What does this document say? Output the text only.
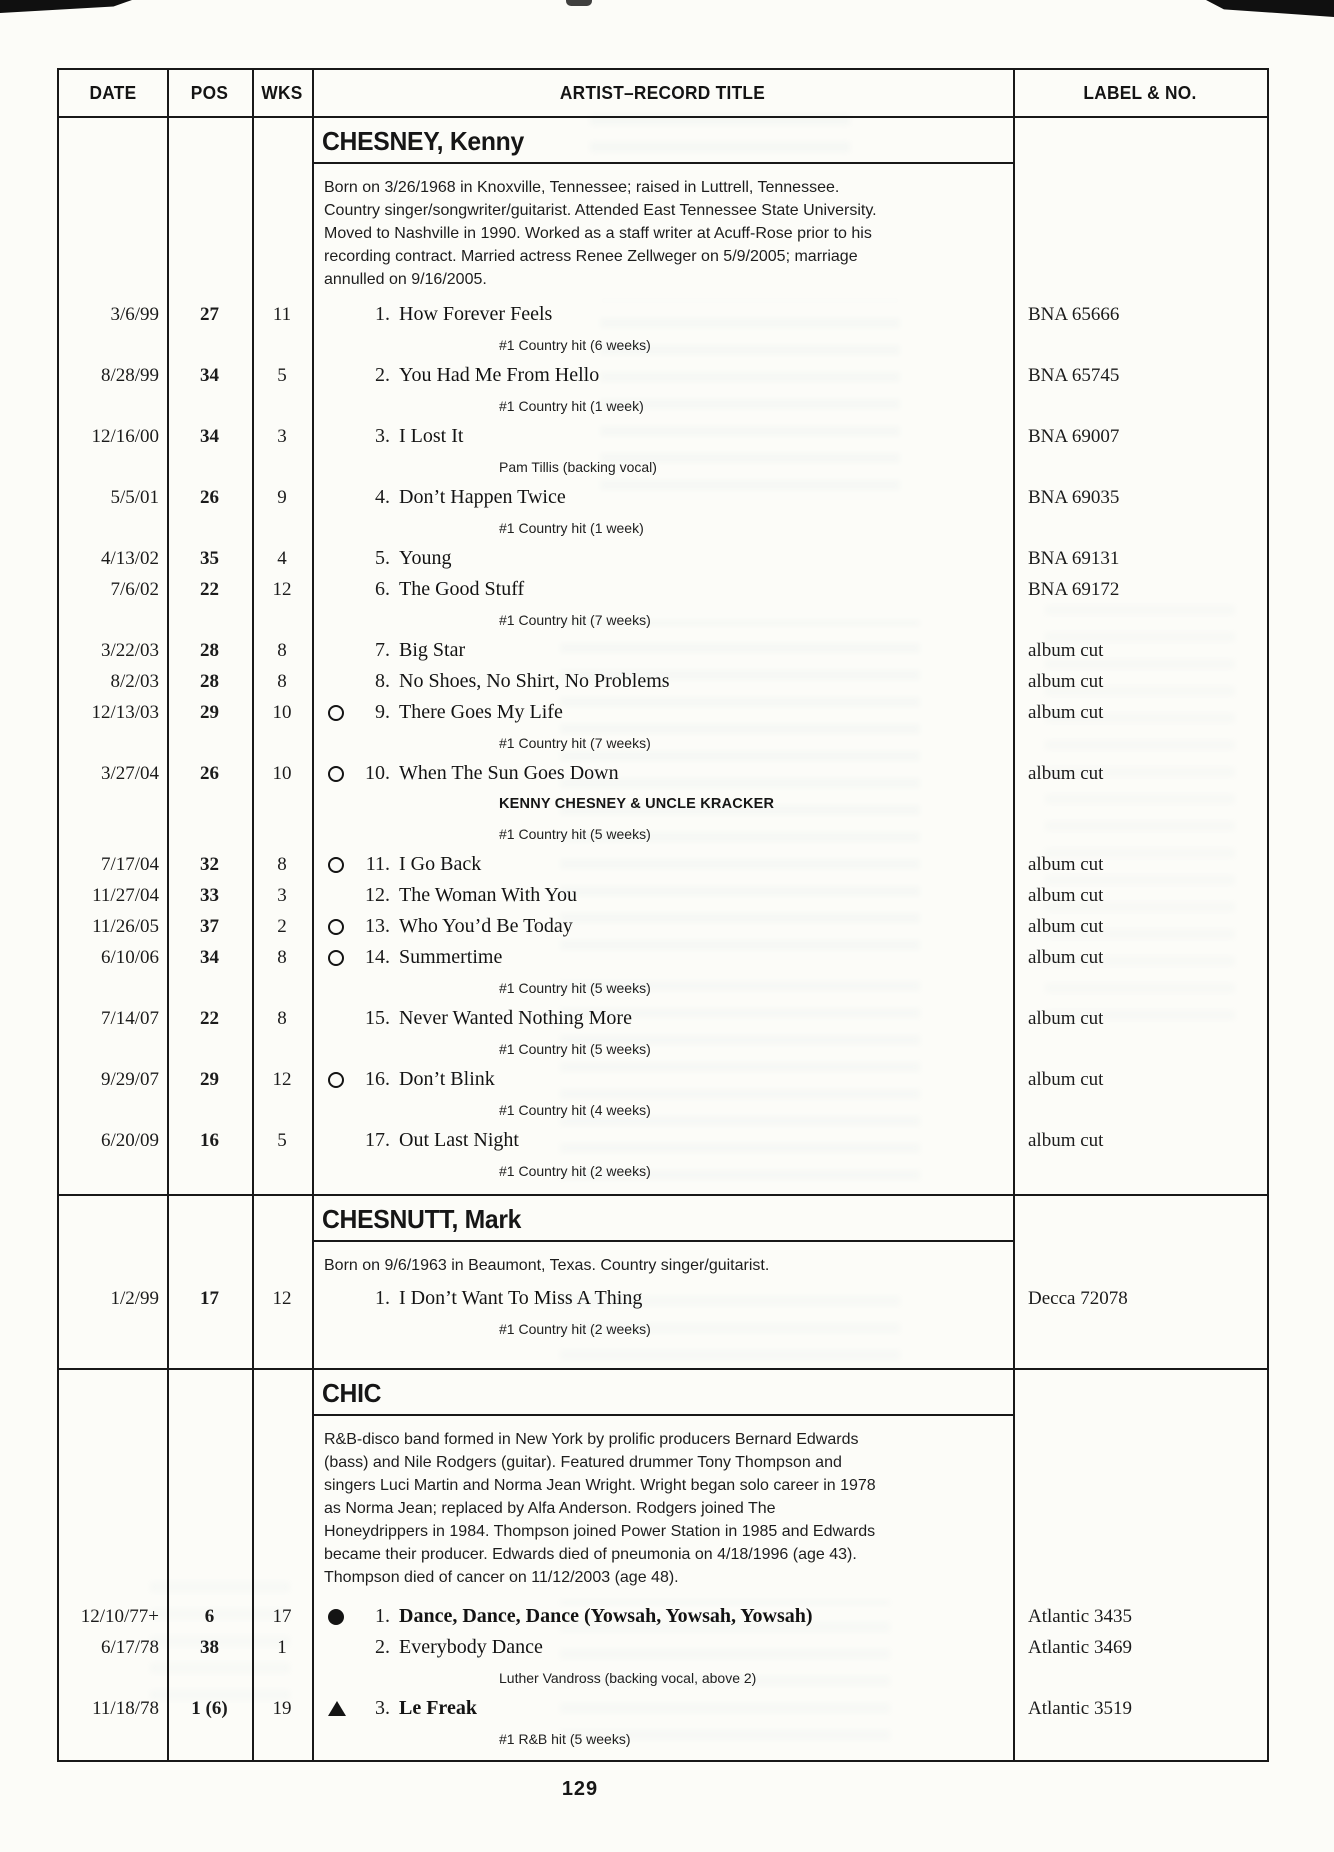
DATE	POS	WKS	ARTIST–RECORD TITLE	LABEL & NO.
CHESNEY, Kenny
Born on 3/26/1968 in Knoxville, Tennessee; raised in Luttrell, Tennessee. Country singer/songwriter/guitarist. Attended East Tennessee State University. Moved to Nashville in 1990. Worked as a staff writer at Acuff-Rose prior to his recording contract. Married actress Renee Zellweger on 5/9/2005; marriage annulled on 9/16/2005.
3/6/99	27	11	1. How Forever Feels	BNA 65666
#1 Country hit (6 weeks)
8/28/99	34	5	2. You Had Me From Hello	BNA 65745
#1 Country hit (1 week)
12/16/00	34	3	3. I Lost It	BNA 69007
Pam Tillis (backing vocal)
5/5/01	26	9	4. Don’t Happen Twice	BNA 69035
#1 Country hit (1 week)
4/13/02	35	4	5. Young	BNA 69131
7/6/02	22	12	6. The Good Stuff	BNA 69172
#1 Country hit (7 weeks)
3/22/03	28	8	7. Big Star	album cut
8/2/03	28	8	8. No Shoes, No Shirt, No Problems	album cut
12/13/03	29	10	9. There Goes My Life	album cut
#1 Country hit (7 weeks)
3/27/04	26	10	10. When The Sun Goes Down	album cut
KENNY CHESNEY & UNCLE KRACKER
#1 Country hit (5 weeks)
7/17/04	32	8	11. I Go Back	album cut
11/27/04	33	3	12. The Woman With You	album cut
11/26/05	37	2	13. Who You’d Be Today	album cut
6/10/06	34	8	14. Summertime	album cut
#1 Country hit (5 weeks)
7/14/07	22	8	15. Never Wanted Nothing More	album cut
#1 Country hit (5 weeks)
9/29/07	29	12	16. Don’t Blink	album cut
#1 Country hit (4 weeks)
6/20/09	16	5	17. Out Last Night	album cut
#1 Country hit (2 weeks)
CHESNUTT, Mark
Born on 9/6/1963 in Beaumont, Texas. Country singer/guitarist.
1/2/99	17	12	1. I Don’t Want To Miss A Thing	Decca 72078
#1 Country hit (2 weeks)
CHIC
R&B-disco band formed in New York by prolific producers Bernard Edwards (bass) and Nile Rodgers (guitar). Featured drummer Tony Thompson and singers Luci Martin and Norma Jean Wright. Wright began solo career in 1978 as Norma Jean; replaced by Alfa Anderson. Rodgers joined The Honeydrippers in 1984. Thompson joined Power Station in 1985 and Edwards became their producer. Edwards died of pneumonia on 4/18/1996 (age 43). Thompson died of cancer on 11/12/2003 (age 48).
12/10/77+	6	17	1. Dance, Dance, Dance (Yowsah, Yowsah, Yowsah)	Atlantic 3435
6/17/78	38	1	2. Everybody Dance	Atlantic 3469
Luther Vandross (backing vocal, above 2)
11/18/78	1 (6)	19	3. Le Freak	Atlantic 3519
#1 R&B hit (5 weeks)
129
